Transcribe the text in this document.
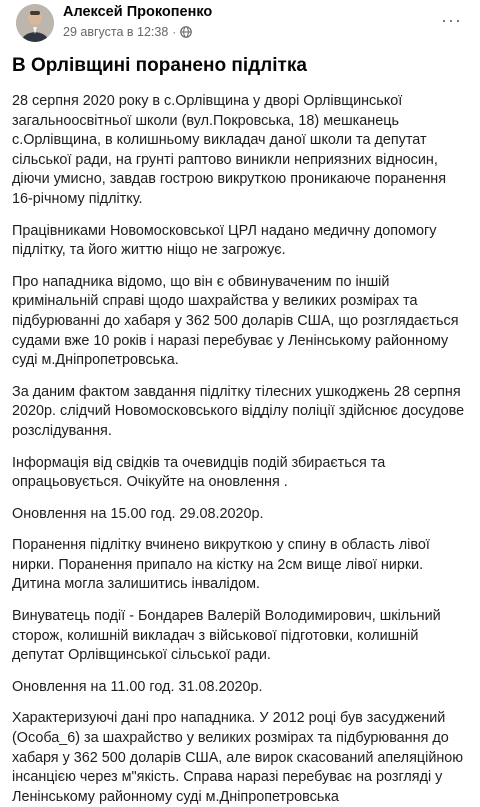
Алексей Прокопенко
29 августа в 12:38 ·
···
В Орлівщині поранено підлітка

28 серпня 2020 року в с.Орлівщина у дворі Орлівщинської загальноосвітньої школи (вул.Покровська, 18) мешканець с.Орлівщина, в колишньому викладач даної школи та депутат сільської ради, на грунті раптово виникли неприязних відносин, діючи умисно, завдав гострою викруткою проникаюче поранення 16-річному підлітку.

Працівниками Новомосковської ЦРЛ надано медичну допомогу підлітку, та його життю ніщо не загрожує.

Про нападника відомо, що він є обвинуваченим по іншій кримінальній справі щодо шахрайства у великих розмірах та підбурюванні до хабаря у 362 500 доларів США, що розглядається судами вже 10 років і наразі перебуває у Ленінському районному суді м.Дніпропетровська.

За даним фактом завдання підлітку тілесних ушкоджень 28 серпня 2020р. слідчий Новомосковського відділу поліції здійснює досудове розслідування.

Інформація від свідків та очевидців подій збирається та опрацьовується. Очікуйте на оновлення .

Оновлення на 15.00 год. 29.08.2020р.

Поранення підлітку вчинено викруткою у спину в область лівої нирки. Поранення припало на кістку на 2см вище лівої нирки. Дитина могла залишитись інвалідом.

Винуватець події - Бондарев Валерій Володимирович, шкільний сторож, колишній викладач з військової підготовки, колишній депутат Орлівщинської сільської ради.

Оновлення на 11.00 год. 31.08.2020р.

Характеризуючі дані про нападника. У 2012 році був засуджений (Особа_6) за шахрайство у великих розмірах та підбурювання до хабаря у 362 500 доларів США, але вирок скасований апеляційною інсанцією через м"якість. Справа наразі перебуває на розгляді у Ленінському районному суді м.Дніпропетровська
